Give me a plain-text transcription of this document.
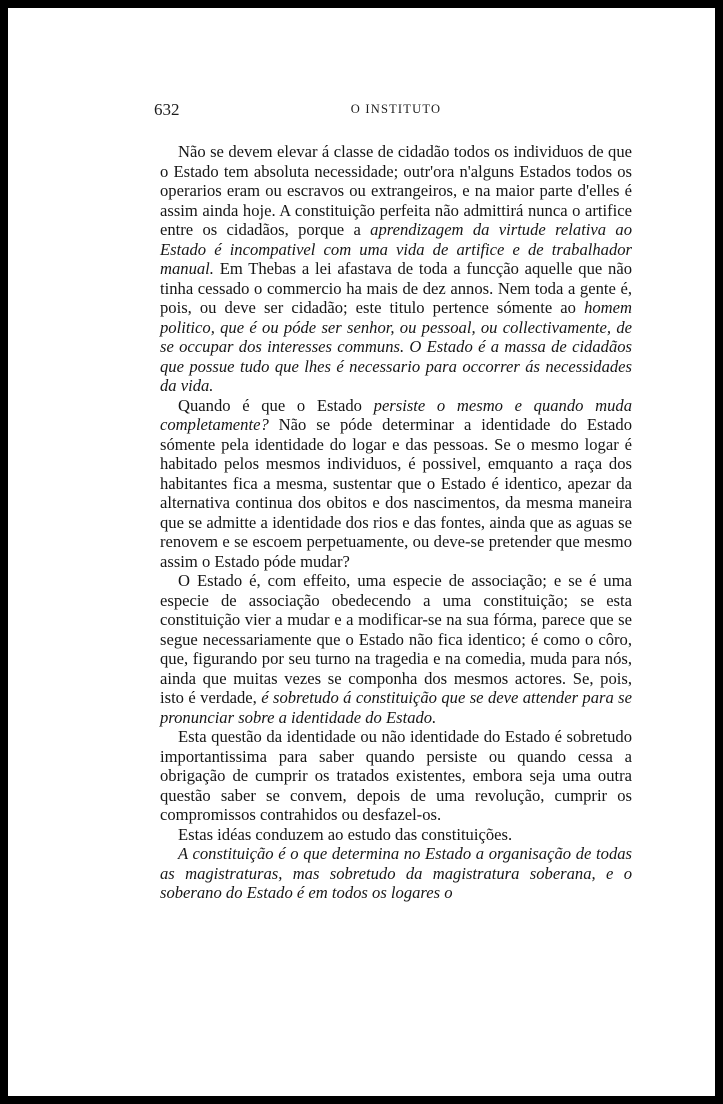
632	O INSTITUTO

Não se devem elevar á classe de cidadão todos os individuos de que o Estado tem absoluta necessidade; outr'ora n'alguns Estados todos os operarios eram ou escravos ou extrangeiros, e na maior parte d'elles é assim ainda hoje. A constituição perfeita não admittirá nunca o artifice entre os cidadãos, porque a aprendizagem da virtude relativa ao Estado é incompativel com uma vida de artifice e de trabalhador manual. Em Thebas a lei afastava de toda a funcção aquelle que não tinha cessado o commercio ha mais de dez annos. Nem toda a gente é, pois, ou deve ser cidadão; este titulo pertence sómente ao homem politico, que é ou póde ser senhor, ou pessoal, ou collectivamente, de se occupar dos interesses communs. O Estado é a massa de cidadãos que possue tudo que lhes é necessario para occorrer ás necessidades da vida.

Quando é que o Estado persiste o mesmo e quando muda completamente? Não se póde determinar a identidade do Estado sómente pela identidade do logar e das pessoas. Se o mesmo logar é habitado pelos mesmos individuos, é possivel, emquanto a raça dos habitantes fica a mesma, sustentar que o Estado é identico, apezar da alternativa continua dos obitos e dos nascimentos, da mesma maneira que se admitte a identidade dos rios e das fontes, ainda que as aguas se renovem e se escoem perpetuamente, ou deve-se pretender que mesmo assim o Estado póde mudar?

O Estado é, com effeito, uma especie de associação; e se é uma especie de associação obedecendo a uma constituição; se esta constituição vier a mudar e a modificar-se na sua fórma, parece que se segue necessariamente que o Estado não fica identico; é como o côro, que, figurando por seu turno na tragedia e na comedia, muda para nós, ainda que muitas vezes se componha dos mesmos actores. Se, pois, isto é verdade, é sobretudo á constituição que se deve attender para se pronunciar sobre a identidade do Estado.

Esta questão da identidade ou não identidade do Estado é sobretudo importantissima para saber quando persiste ou quando cessa a obrigação de cumprir os tratados existentes, embora seja uma outra questão saber se convem, depois de uma revolução, cumprir os compromissos contrahidos ou desfazel-os.

Estas idéas conduzem ao estudo das constituições.

A constituição é o que determina no Estado a organisação de todas as magistraturas, mas sobretudo da magistratura soberana, e o soberano do Estado é em todos os logares o
